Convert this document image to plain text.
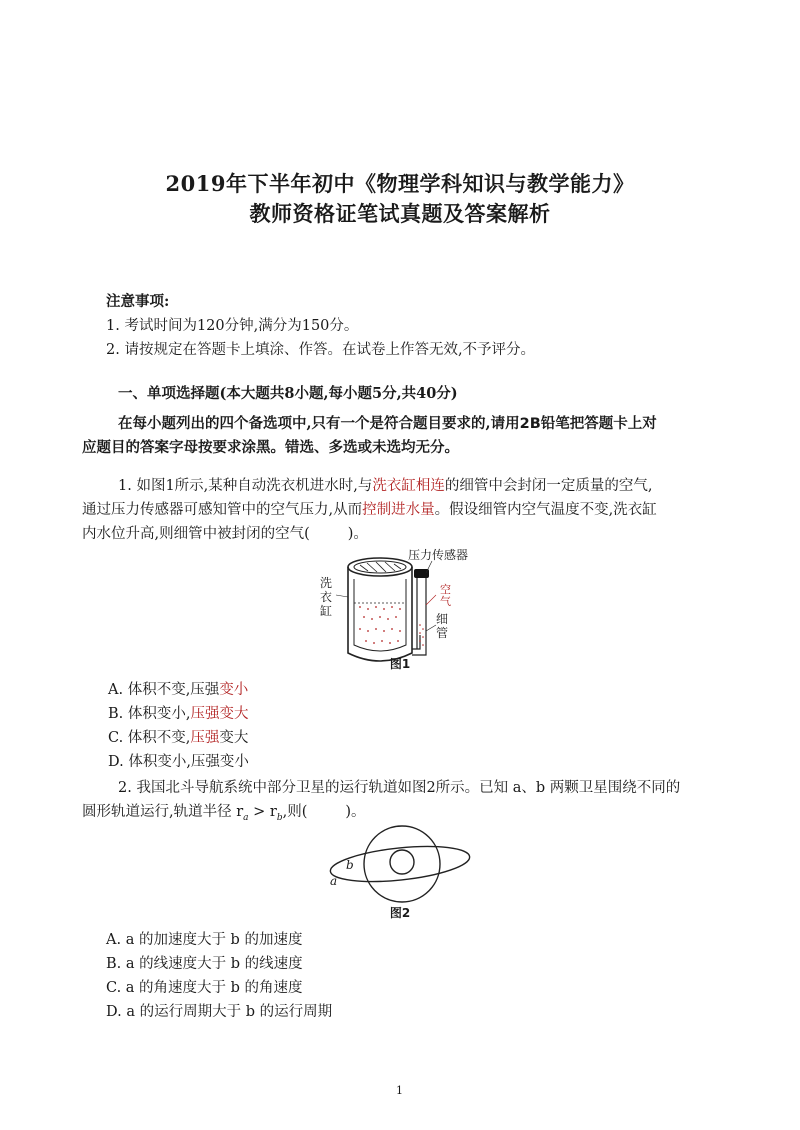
2019年下半年初中《物理学科知识与教学能力》
教师资格证笔试真题及答案解析
注意事项:
1. 考试时间为120分钟,满分为150分。
2. 请按规定在答题卡上填涂、作答。在试卷上作答无效,不予评分。
一、单项选择题(本大题共8小题,每小题5分,共40分)
在每小题列出的四个备选项中,只有一个是符合题目要求的,请用2B铅笔把答题卡上对
应题目的答案字母按要求涂黑。错选、多选或未选均无分。
1. 如图1所示,某种自动洗衣机进水时,与洗衣缸相连的细管中会封闭一定质量的空气,
通过压力传感器可感知管中的空气压力,从而控制进水量。假设细管内空气温度不变,洗衣缸
内水位升高,则细管中被封闭的空气(	)。
压力传感器
洗
衣
缸
空
气
细
管
图1
A. 体积不变,压强变小
B. 体积变小,压强变大
C. 体积不变,压强变大
D. 体积变小,压强变小
2. 我国北斗导航系统中部分卫星的运行轨道如图2所示。已知 a、b 两颗卫星围绕不同的
圆形轨道运行,轨道半径 $r_a > r_b$,则(	)。
b
a
图2
A. a 的加速度大于 b 的加速度
B. a 的线速度大于 b 的线速度
C. a 的角速度大于 b 的角速度
D. a 的运行周期大于 b 的运行周期
1
